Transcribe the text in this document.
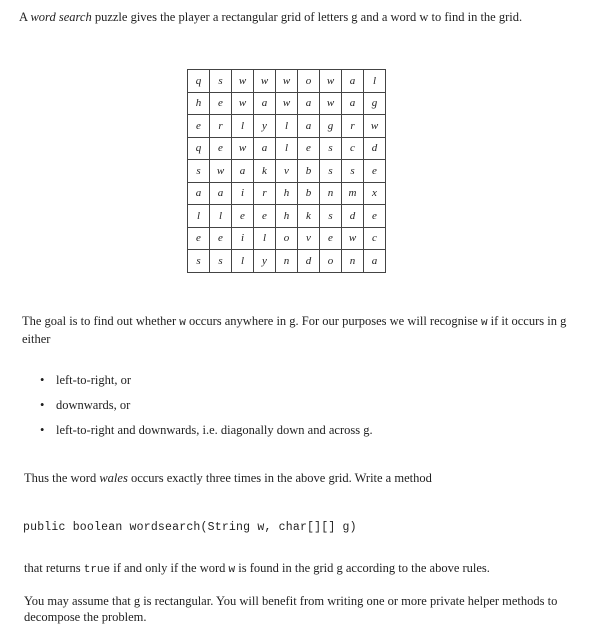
A word search puzzle gives the player a rectangular grid of letters g and a word w to find in the grid.

q	s	w	w	w	o	w	a	l
h	e	w	a	w	a	w	a	g
e	r	l	y	l	a	g	r	w
q	e	w	a	l	e	s	c	d
s	w	a	k	v	b	s	s	e
a	a	i	r	h	b	n	m	x
l	l	e	e	h	k	s	d	e
e	e	i	l	o	v	e	w	c
s	s	l	y	n	d	o	n	a

The goal is to find out whether w occurs anywhere in g. For our purposes we will recognise w if it occurs in g either

• left-to-right, or
• downwards, or
• left-to-right and downwards, i.e. diagonally down and across g.

Thus the word wales occurs exactly three times in the above grid. Write a method

public boolean wordsearch(String w, char[][] g)

that returns true if and only if the word w is found in the grid g according to the above rules.

You may assume that g is rectangular. You will benefit from writing one or more private helper methods to decompose the problem.
